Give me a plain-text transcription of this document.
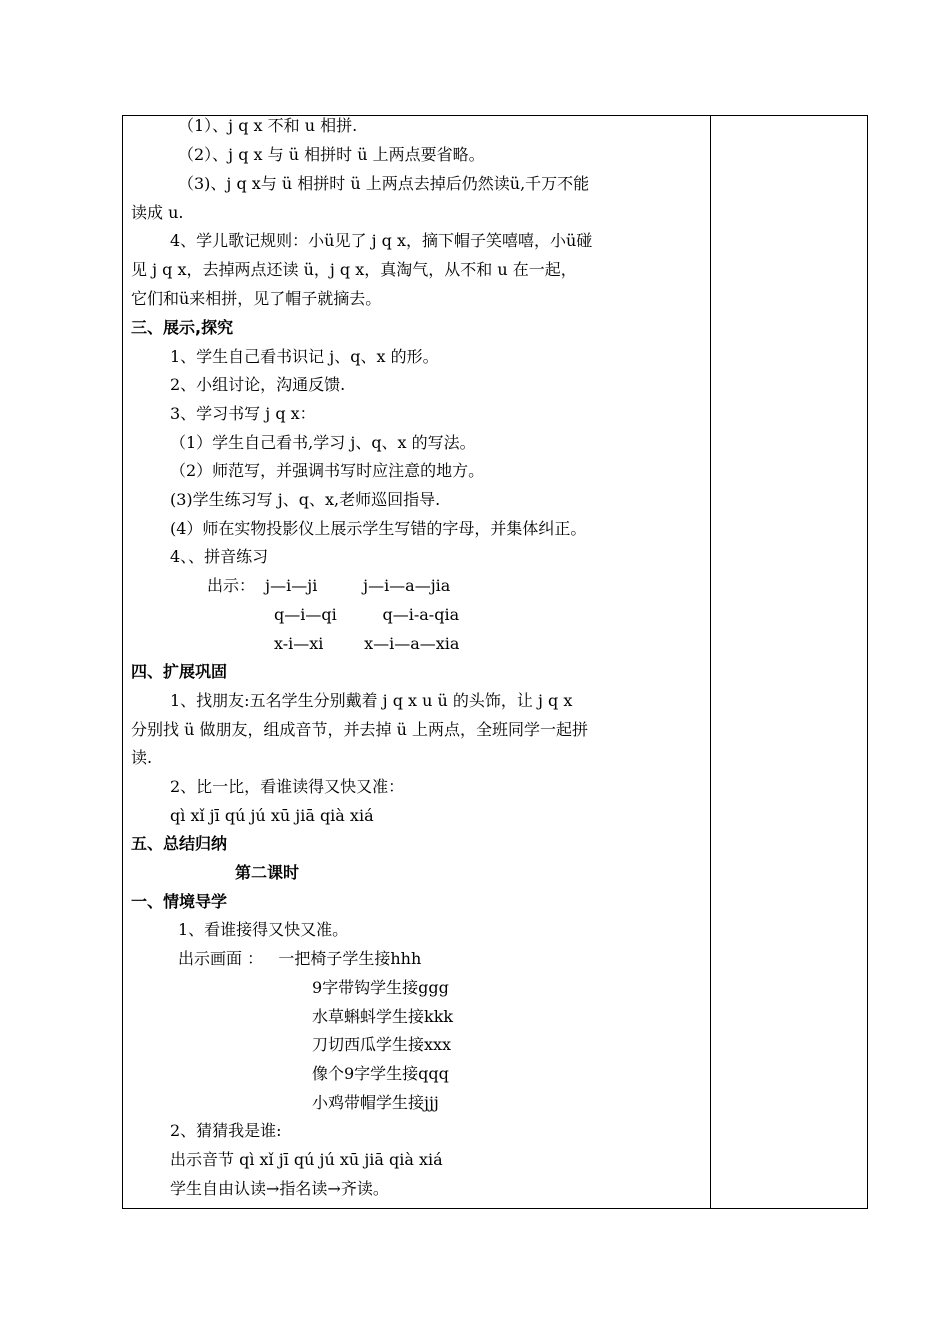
（1）、j q x 不和 u 相拼.
（2）、j q x 与 ü 相拼时 ü 上两点要省略。
（3)、j q x与 ü 相拼时 ü 上两点去掉后仍然读ü,千万不能
读成 u.
4、学儿歌记规则：小ü见了 j q x，摘下帽子笑嘻嘻，小ü碰
见 j q x，去掉两点还读 ü，j q x，真淘气，从不和 u 在一起，
它们和ü来相拼，见了帽子就摘去。
三、展示,探究
1、学生自己看书识记 j、q、x 的形。
2、小组讨论，沟通反馈.
3、学习书写 j q x：
（1）学生自己看书,学习 j、q、x 的写法。
（2）师范写，并强调书写时应注意的地方。
(3)学生练习写 j、q、x,老师巡回指导.
(4）师在实物投影仪上展示学生写错的字母，并集体纠正。
4、、拼音练习
出示：  j—i—ji         j—i—a—jia
q—i—qi         q—i-a-qia
x-i—xi        x—i—a—xia
四、扩展巩固
1、找朋友:五名学生分别戴着 j q x u ü 的头饰，让 j q x
分别找 ü 做朋友，组成音节，并去掉 ü 上两点，全班同学一起拼
读.
2、比一比，看谁读得又快又准：
qì xǐ jī qú jú xū jiā qià xiá
五、总结归纳
第二课时
一、情境导学
1、看谁接得又快又准。
出示画面 ：   一把椅子学生接hhh
9字带钩学生接ggg
水草蝌蚪学生接kkk
刀切西瓜学生接xxx
像个9字学生接qqq
小鸡带帽学生接jjj
2、猜猜我是谁:
出示音节 qì xǐ jī qú jú xū jiā qià xiá
学生自由认读→指名读→齐读。
